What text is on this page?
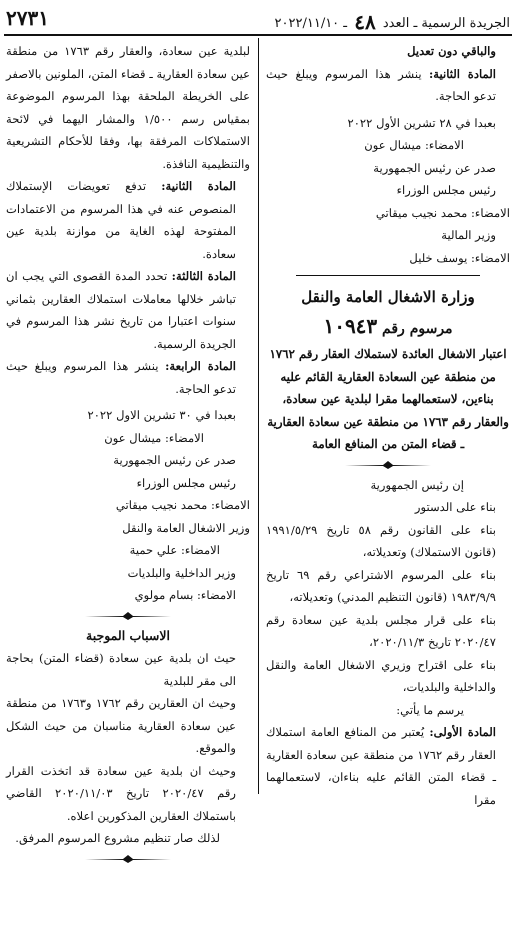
الجريدة الرسمية ـ العدد ٤٨ ـ ٢٠٢٢/١١/١٠
٢٧٣١

والباقي دون تعديل

المادة الثانية: ينشر هذا المرسوم ويبلغ حيث تدعو الحاجة.

بعبدا في ٢٨ تشرين الأول ٢٠٢٢

الامضاء: ميشال عون

صدر عن رئيس الجمهورية

رئيس مجلس الوزراء

الامضاء: محمد نجيب ميقاتي

وزير المالية

الامضاء: يوسف خليل

وزارة الاشغال العامة والنقل

مرسوم رقم ١٠٩٤٣

اعتبار الاشغال العائدة لاستملاك العقار رقم ١٧٦٢ من منطقة عين السعادة العقارية القائم عليه بناءين، لاستعمالهما مقرا لبلدية عين سعادة، والعقار رقم ١٧٦٣ من منطقة عين سعادة العقارية ـ قضاء المتن من المنافع العامة

إن رئيس الجمهورية

بناء على الدستور

بناء على القانون رقم ٥٨ تاريخ ١٩٩١/٥/٢٩ (قانون الاستملاك) وتعديلاته،

بناء على المرسوم الاشتراعي رقم ٦٩ تاريخ ١٩٨٣/٩/٩ (قانون التنظيم المدني) وتعديلاته،

بناء على قرار مجلس بلدية عين سعادة رقم ٢٠٢٠/٤٧ تاريخ ٢٠٢٠/١١/٣،

بناء على اقتراح وزيري الاشغال العامة والنقل والداخلية والبلديات،

يرسم ما يأتي:

المادة الأولى: يُعتبر من المنافع العامة استملاك العقار رقم ١٧٦٢ من منطقة عين سعادة العقارية ـ قضاء المتن القائم عليه بناءان، لاستعمالهما مقرا

لبلدية عين سعادة، والعقار رقم ١٧٦٣ من منطقة عين سعادة العقارية ـ قضاء المتن، الملونين بالاصفر على الخريطة الملحقة بهذا المرسوم الموضوعة بمقياس رسم ١/٥٠٠ والمشار اليهما في لائحة الاستملاكات المرفقة بها، وفقا للأحكام التشريعية والتنظيمية النافذة.

المادة الثانية: تدفع تعويضات الإستملاك المنصوص عنه في هذا المرسوم من الاعتمادات المفتوحة لهذه الغاية من موازنة بلدية عين سعادة.

المادة الثالثة: تحدد المدة القصوى التي يجب ان تباشر خلالها معاملات استملاك العقارين بثماني سنوات اعتبارا من تاريخ نشر هذا المرسوم في الجريدة الرسمية.

المادة الرابعة: ينشر هذا المرسوم ويبلغ حيث تدعو الحاجة.

بعبدا في ٣٠ تشرين الاول ٢٠٢٢

الامضاء: ميشال عون

صدر عن رئيس الجمهورية

رئيس مجلس الوزراء

الامضاء: محمد نجيب ميقاتي

وزير الاشغال العامة والنقل

الامضاء: علي حمية

وزير الداخلية والبلديات

الامضاء: بسام مولوي

الاسباب الموجبة

حيث ان بلدية عين سعادة (قضاء المتن) بحاجة الى مقر للبلدية

وحيث ان العقارين رقم ١٧٦٢ و١٧٦٣ من منطقة عين سعادة العقارية مناسبان من حيث الشكل والموقع.

وحيث ان بلدية عين سعادة قد اتخذت القرار رقم ٢٠٢٠/٤٧ تاريخ ٢٠٢٠/١١/٠٣ القاضي باستملاك العقارين المذكورين اعلاه.

لذلك صار تنظيم مشروع المرسوم المرفق.
